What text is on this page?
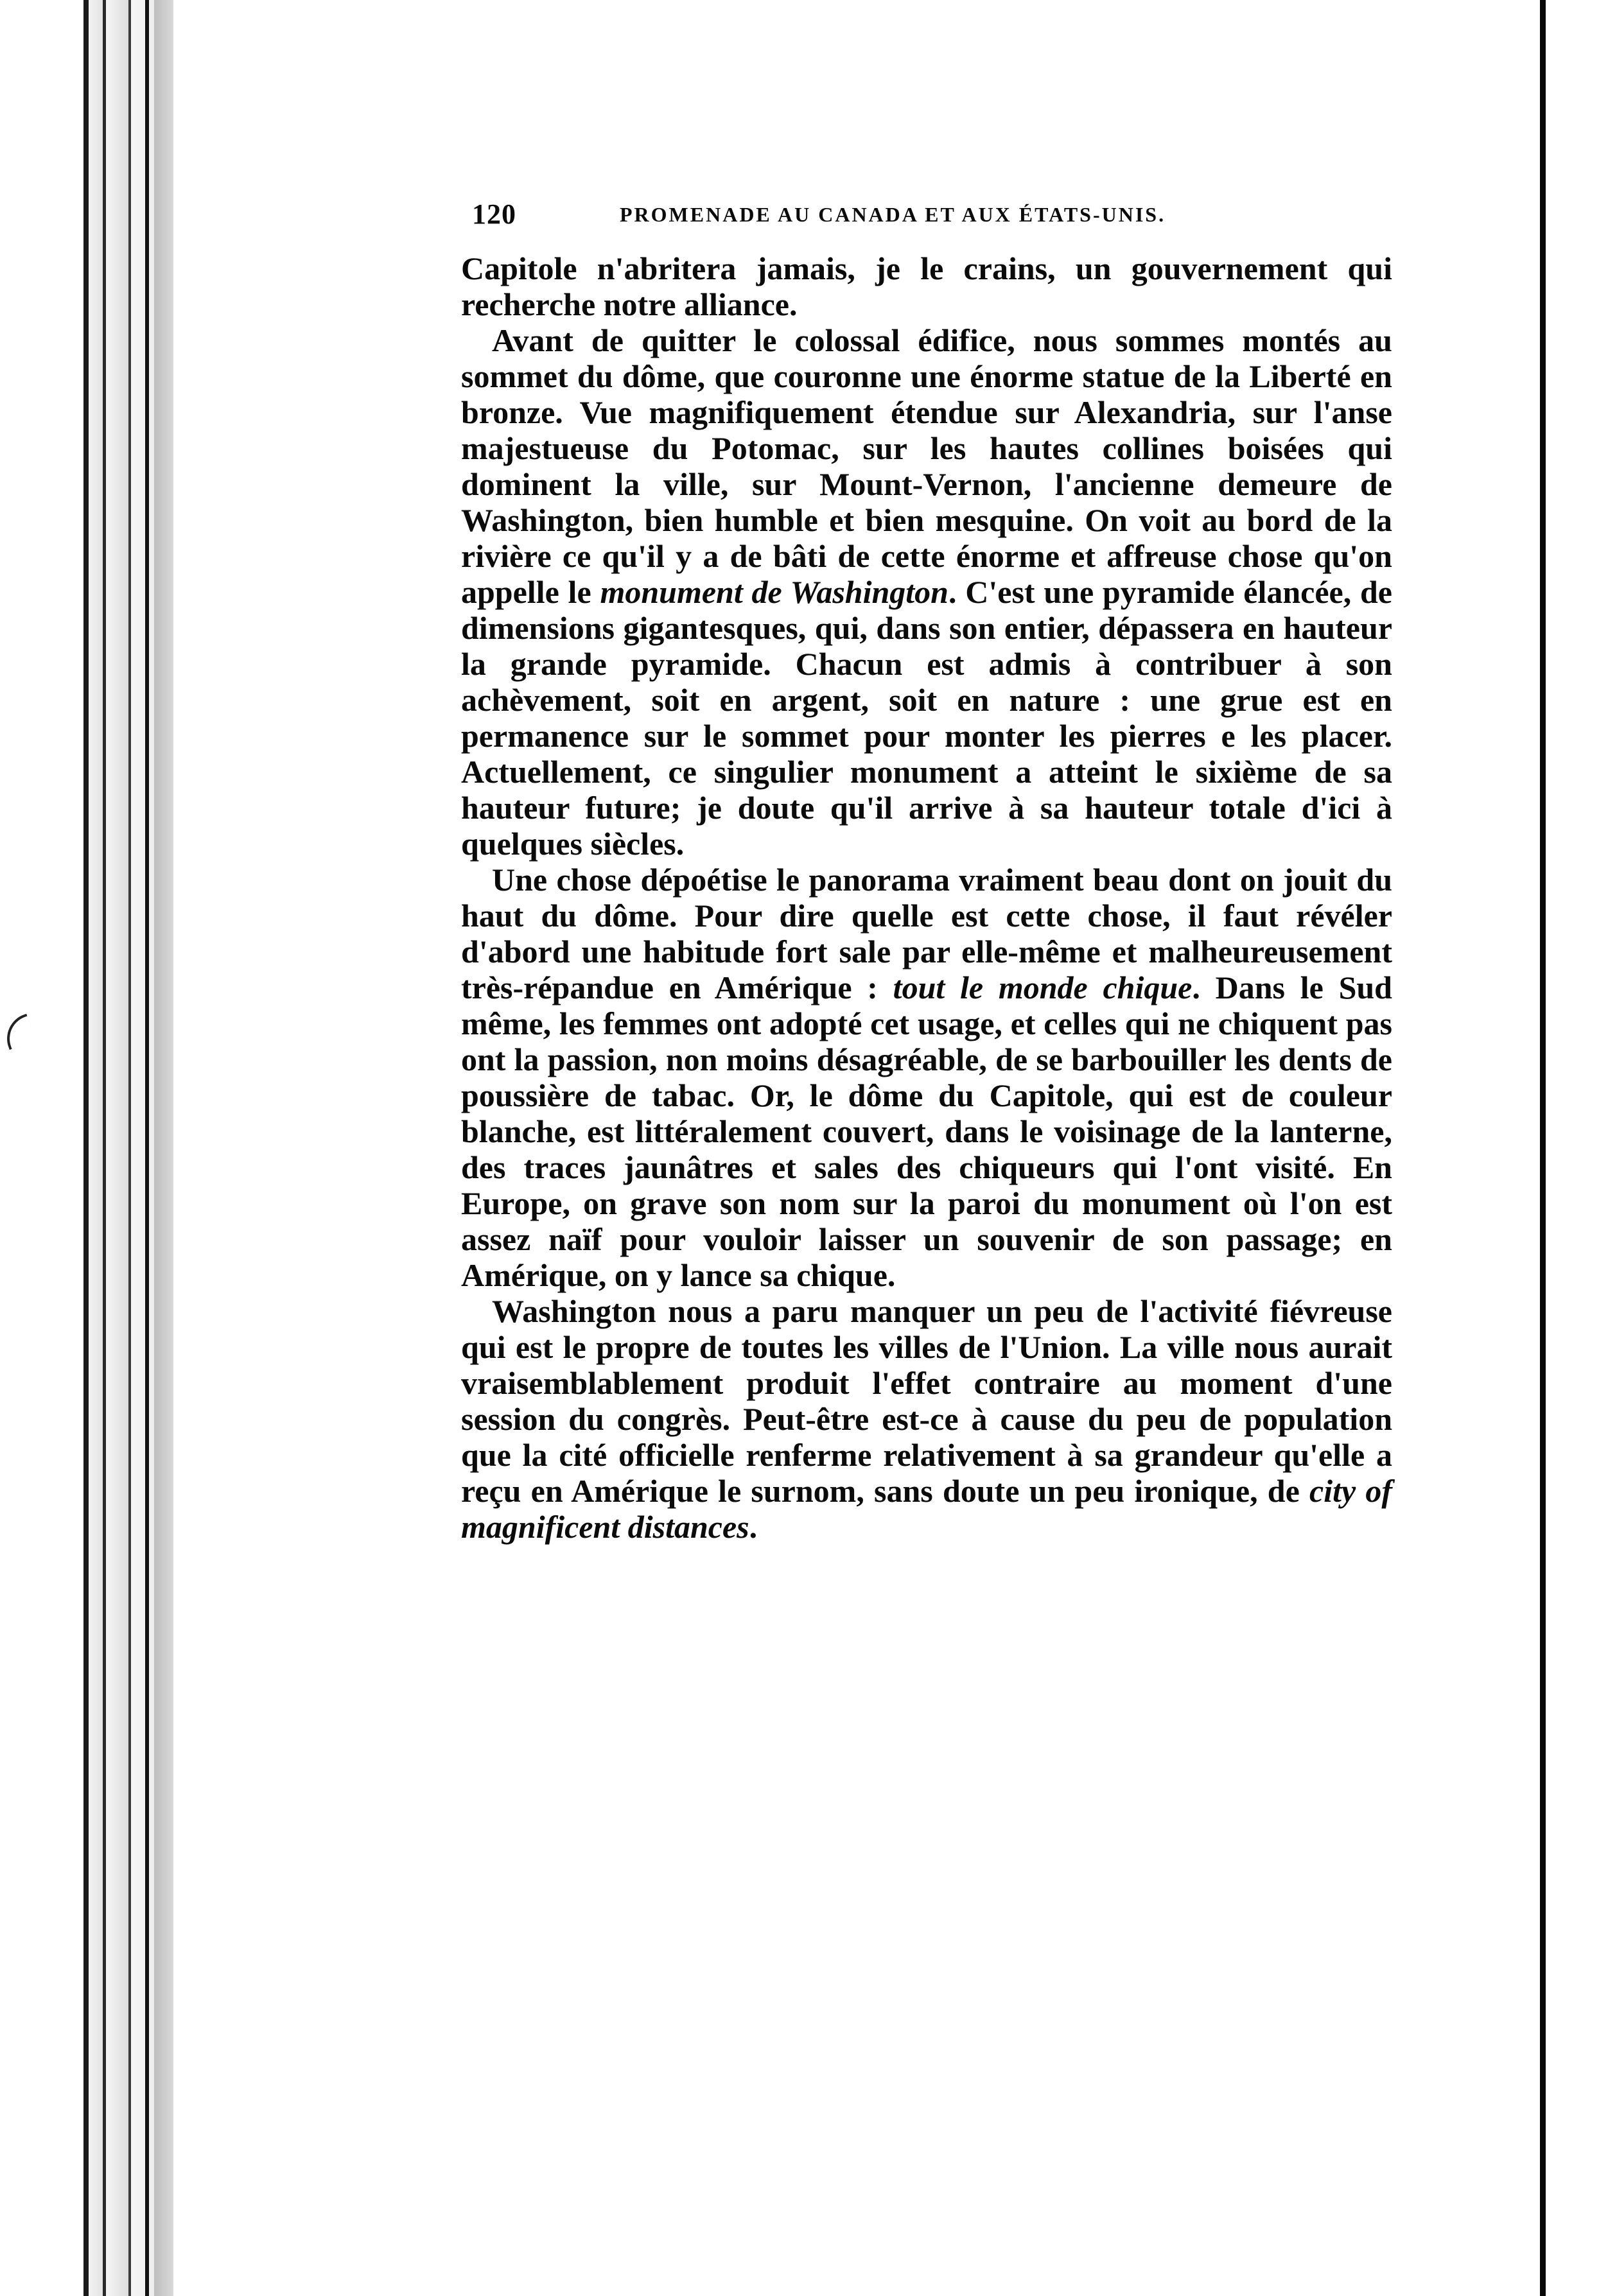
120	PROMENADE AU CANADA ET AUX ÉTATS-UNIS.

Capitole n'abritera jamais, je le crains, un gouvernement qui recherche notre alliance.

Avant de quitter le colossal édifice, nous sommes montés au sommet du dôme, que couronne une énorme statue de la Liberté en bronze. Vue magnifiquement étendue sur Alexandria, sur l'anse majestueuse du Potomac, sur les hautes collines boisées qui dominent la ville, sur Mount-Vernon, l'ancienne demeure de Washington, bien humble et bien mesquine. On voit au bord de la rivière ce qu'il y a de bâti de cette énorme et affreuse chose qu'on appelle le monument de Washington. C'est une pyramide élancée, de dimensions gigantesques, qui, dans son entier, dépassera en hauteur la grande pyramide. Chacun est admis à contribuer à son achèvement, soit en argent, soit en nature : une grue est en permanence sur le sommet pour monter les pierres e les placer. Actuellement, ce singulier monument a atteint le sixième de sa hauteur future; je doute qu'il arrive à sa hauteur totale d'ici à quelques siècles.

Une chose dépoétise le panorama vraiment beau dont on jouit du haut du dôme. Pour dire quelle est cette chose, il faut révéler d'abord une habitude fort sale par elle-même et malheureusement très-répandue en Amérique : tout le monde chique. Dans le Sud même, les femmes ont adopté cet usage, et celles qui ne chiquent pas ont la passion, non moins désagréable, de se barbouiller les dents de poussière de tabac. Or, le dôme du Capitole, qui est de couleur blanche, est littéralement couvert, dans le voisinage de la lanterne, des traces jaunâtres et sales des chiqueurs qui l'ont visité. En Europe, on grave son nom sur la paroi du monument où l'on est assez naïf pour vouloir laisser un souvenir de son passage; en Amérique, on y lance sa chique.

Washington nous a paru manquer un peu de l'activité fiévreuse qui est le propre de toutes les villes de l'Union. La ville nous aurait vraisemblablement produit l'effet contraire au moment d'une session du congrès. Peut-être est-ce à cause du peu de population que la cité officielle renferme relativement à sa grandeur qu'elle a reçu en Amérique le surnom, sans doute un peu ironique, de city of magnificent distances.
